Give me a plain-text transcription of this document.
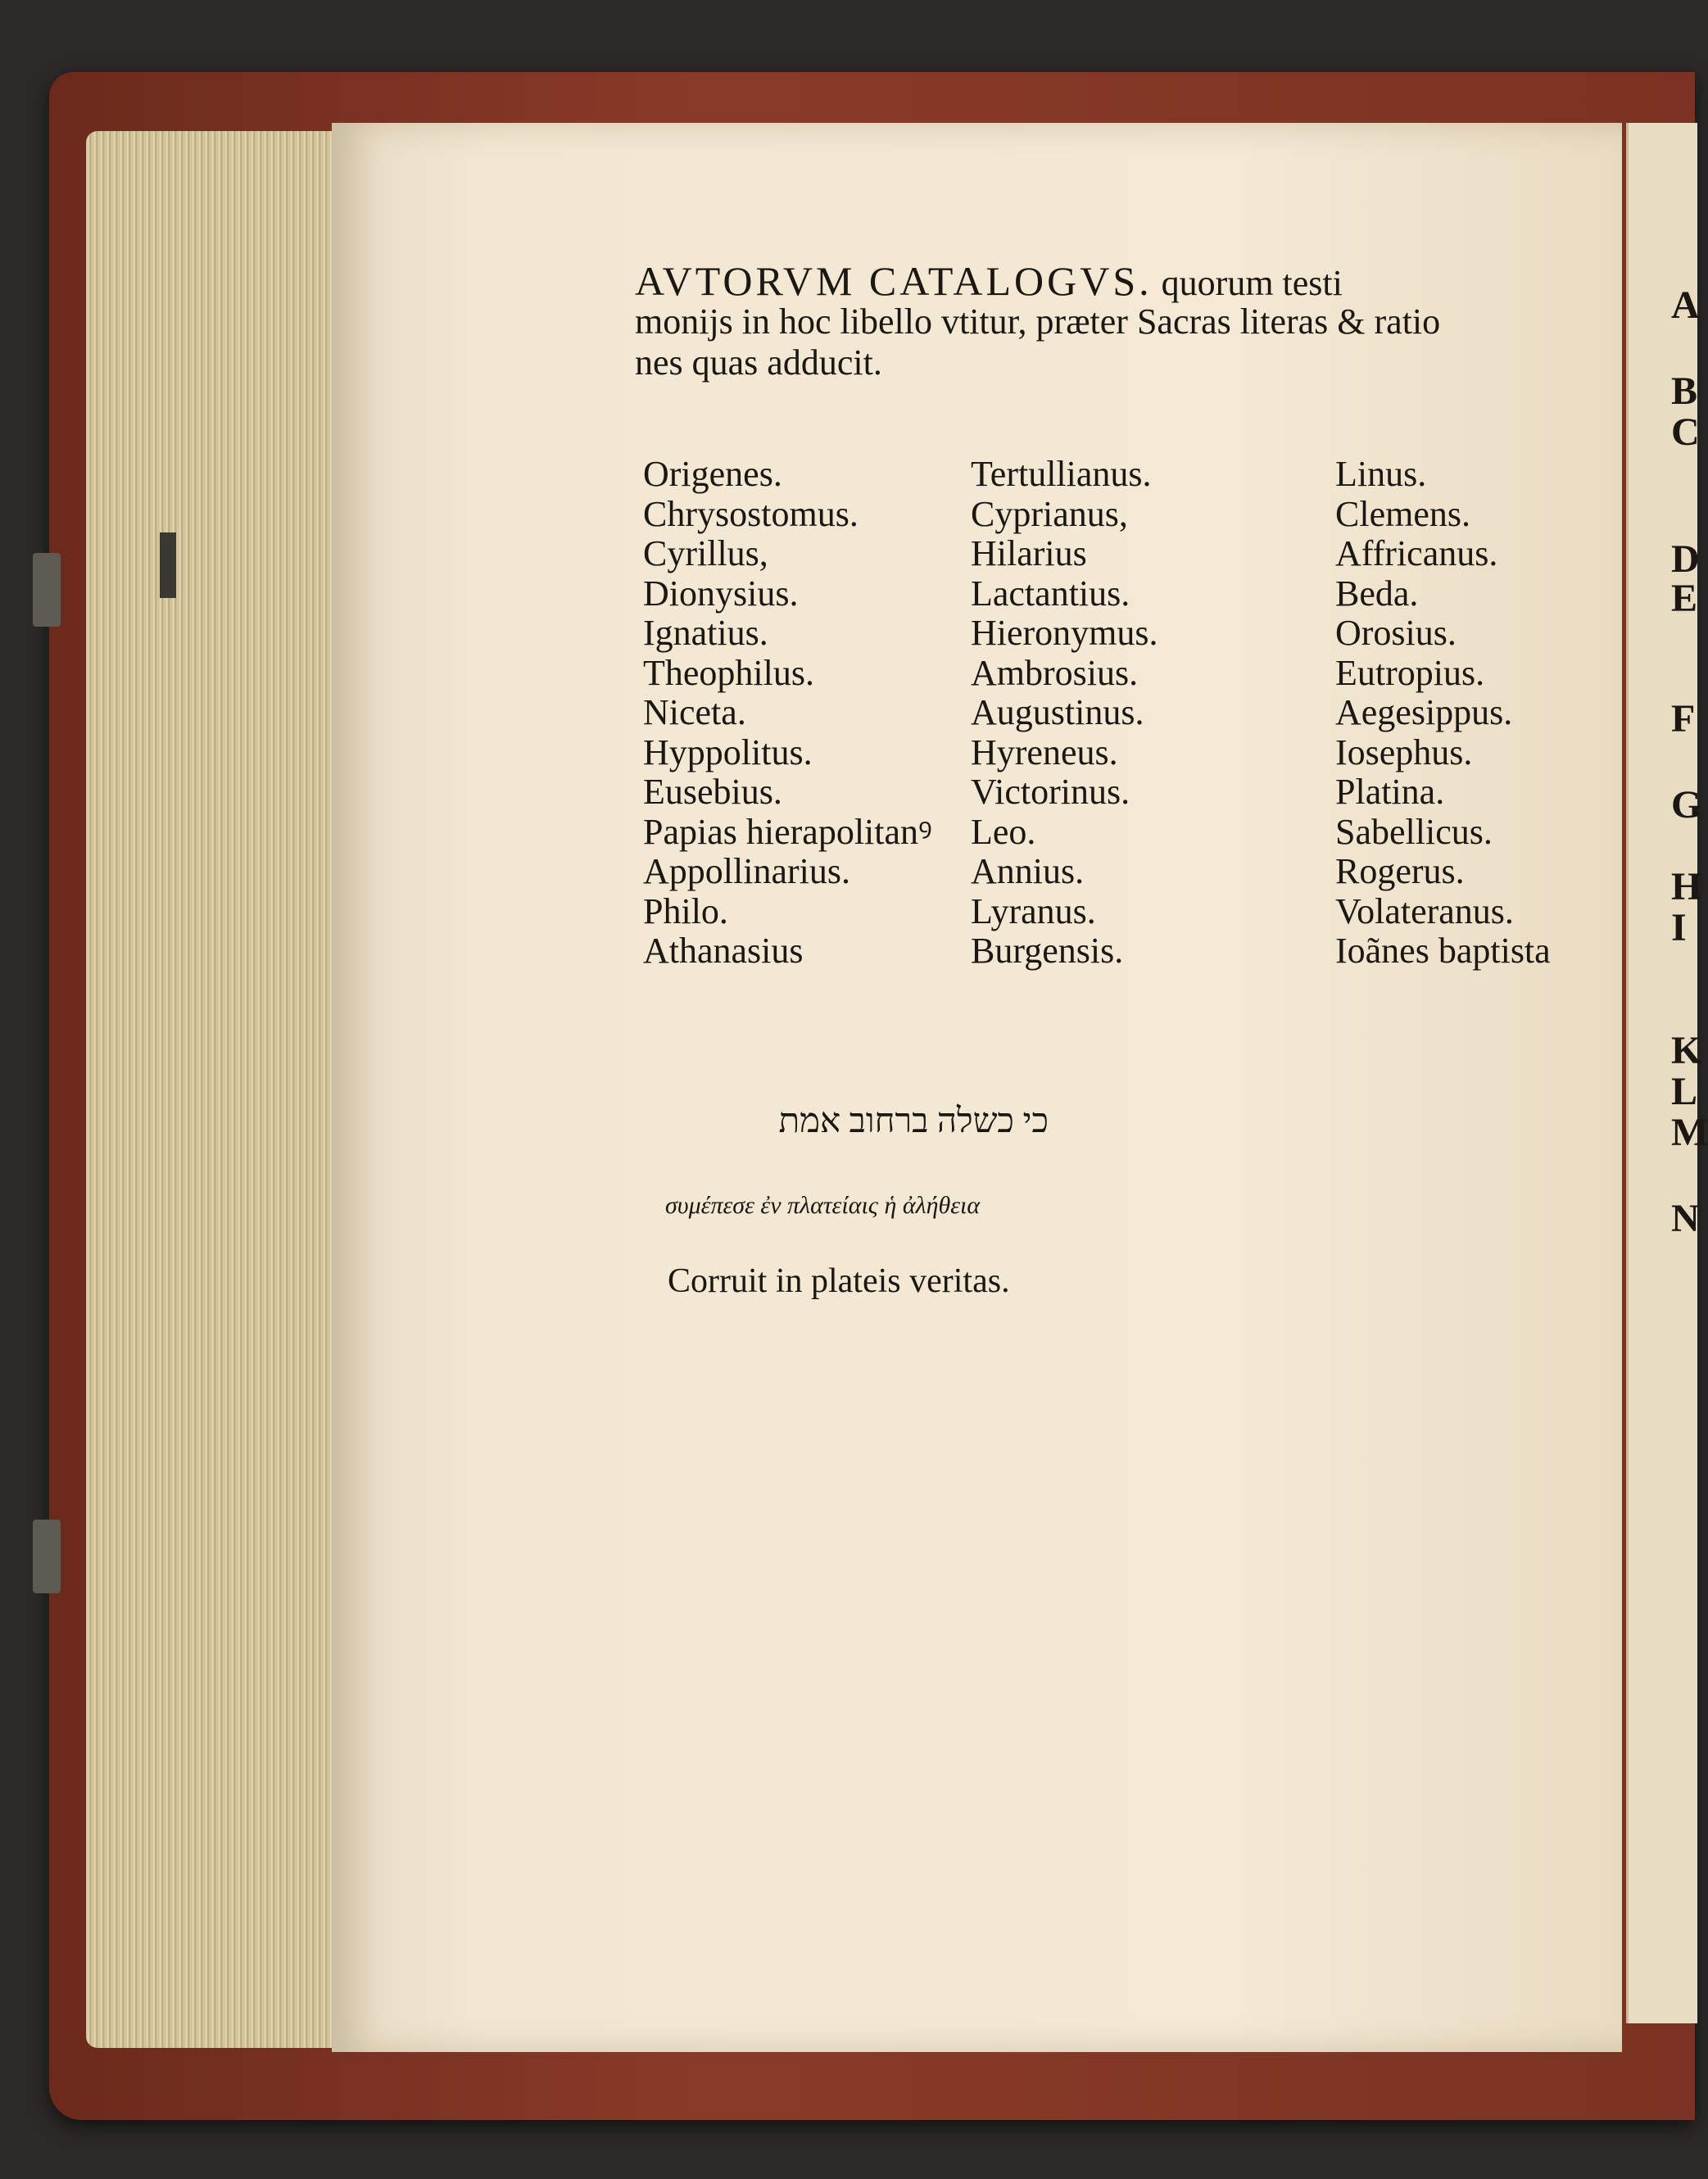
AVTORVM CATALOGVS. quorum testi
monijs in hoc libello vtitur, præter Sacras literas & ratio
nes quas adducit.
Origenes.
Chrysostomus.
Cyrillus,
Dionysius.
Ignatius.
Theophilus.
Niceta.
Hyppolitus.
Eusebius.
Papias hierapolitanꝰ
Appollinarius.
Philo.
Athanasius
Tertullianus.
Cyprianus,
Hilarius
Lactantius.
Hieronymus.
Ambrosius.
Augustinus.
Hyreneus.
Victorinus.
Leo.
Annius.
Lyranus.
Burgensis.
Linus.
Clemens.
Affricanus.
Beda.
Orosius.
Eutropius.
Aegesippus.
Iosephus.
Platina.
Sabellicus.
Rogerus.
Volateranus.
Ioãnes baptista
כי כשלה ברחוב אמת
συμέπεσε ἐν πλατείαις ἡ ἀλήθεια
Corruit in plateis veritas.
A
B
C
D
E
F
G
H
I
K
L
M
N
